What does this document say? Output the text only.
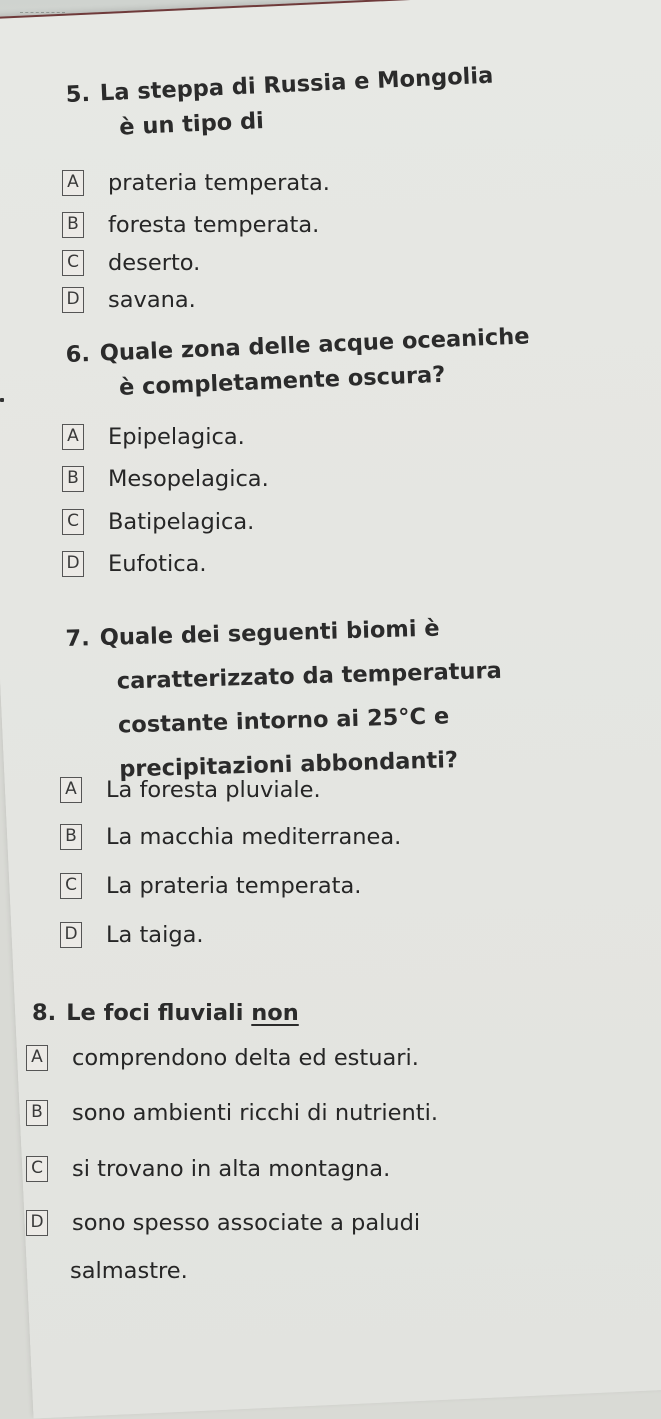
5. La steppa di Russia e Mongolia
è un tipo di
A prateria temperata.
B foresta temperata.
C deserto.
D savana.
6. Quale zona delle acque oceaniche
è completamente oscura?
A Epipelagica.
B Mesopelagica.
C Batipelagica.
D Eufotica.
7. Quale dei seguenti biomi è
caratterizzato da temperatura
costante intorno ai 25°C e
precipitazioni abbondanti?
A La foresta pluviale.
B La macchia mediterranea.
C La prateria temperata.
D La taiga.
8. Le foci fluviali non
A comprendono delta ed estuari.
B sono ambienti ricchi di nutrienti.
C si trovano in alta montagna.
D sono spesso associate a paludi
salmastre.
